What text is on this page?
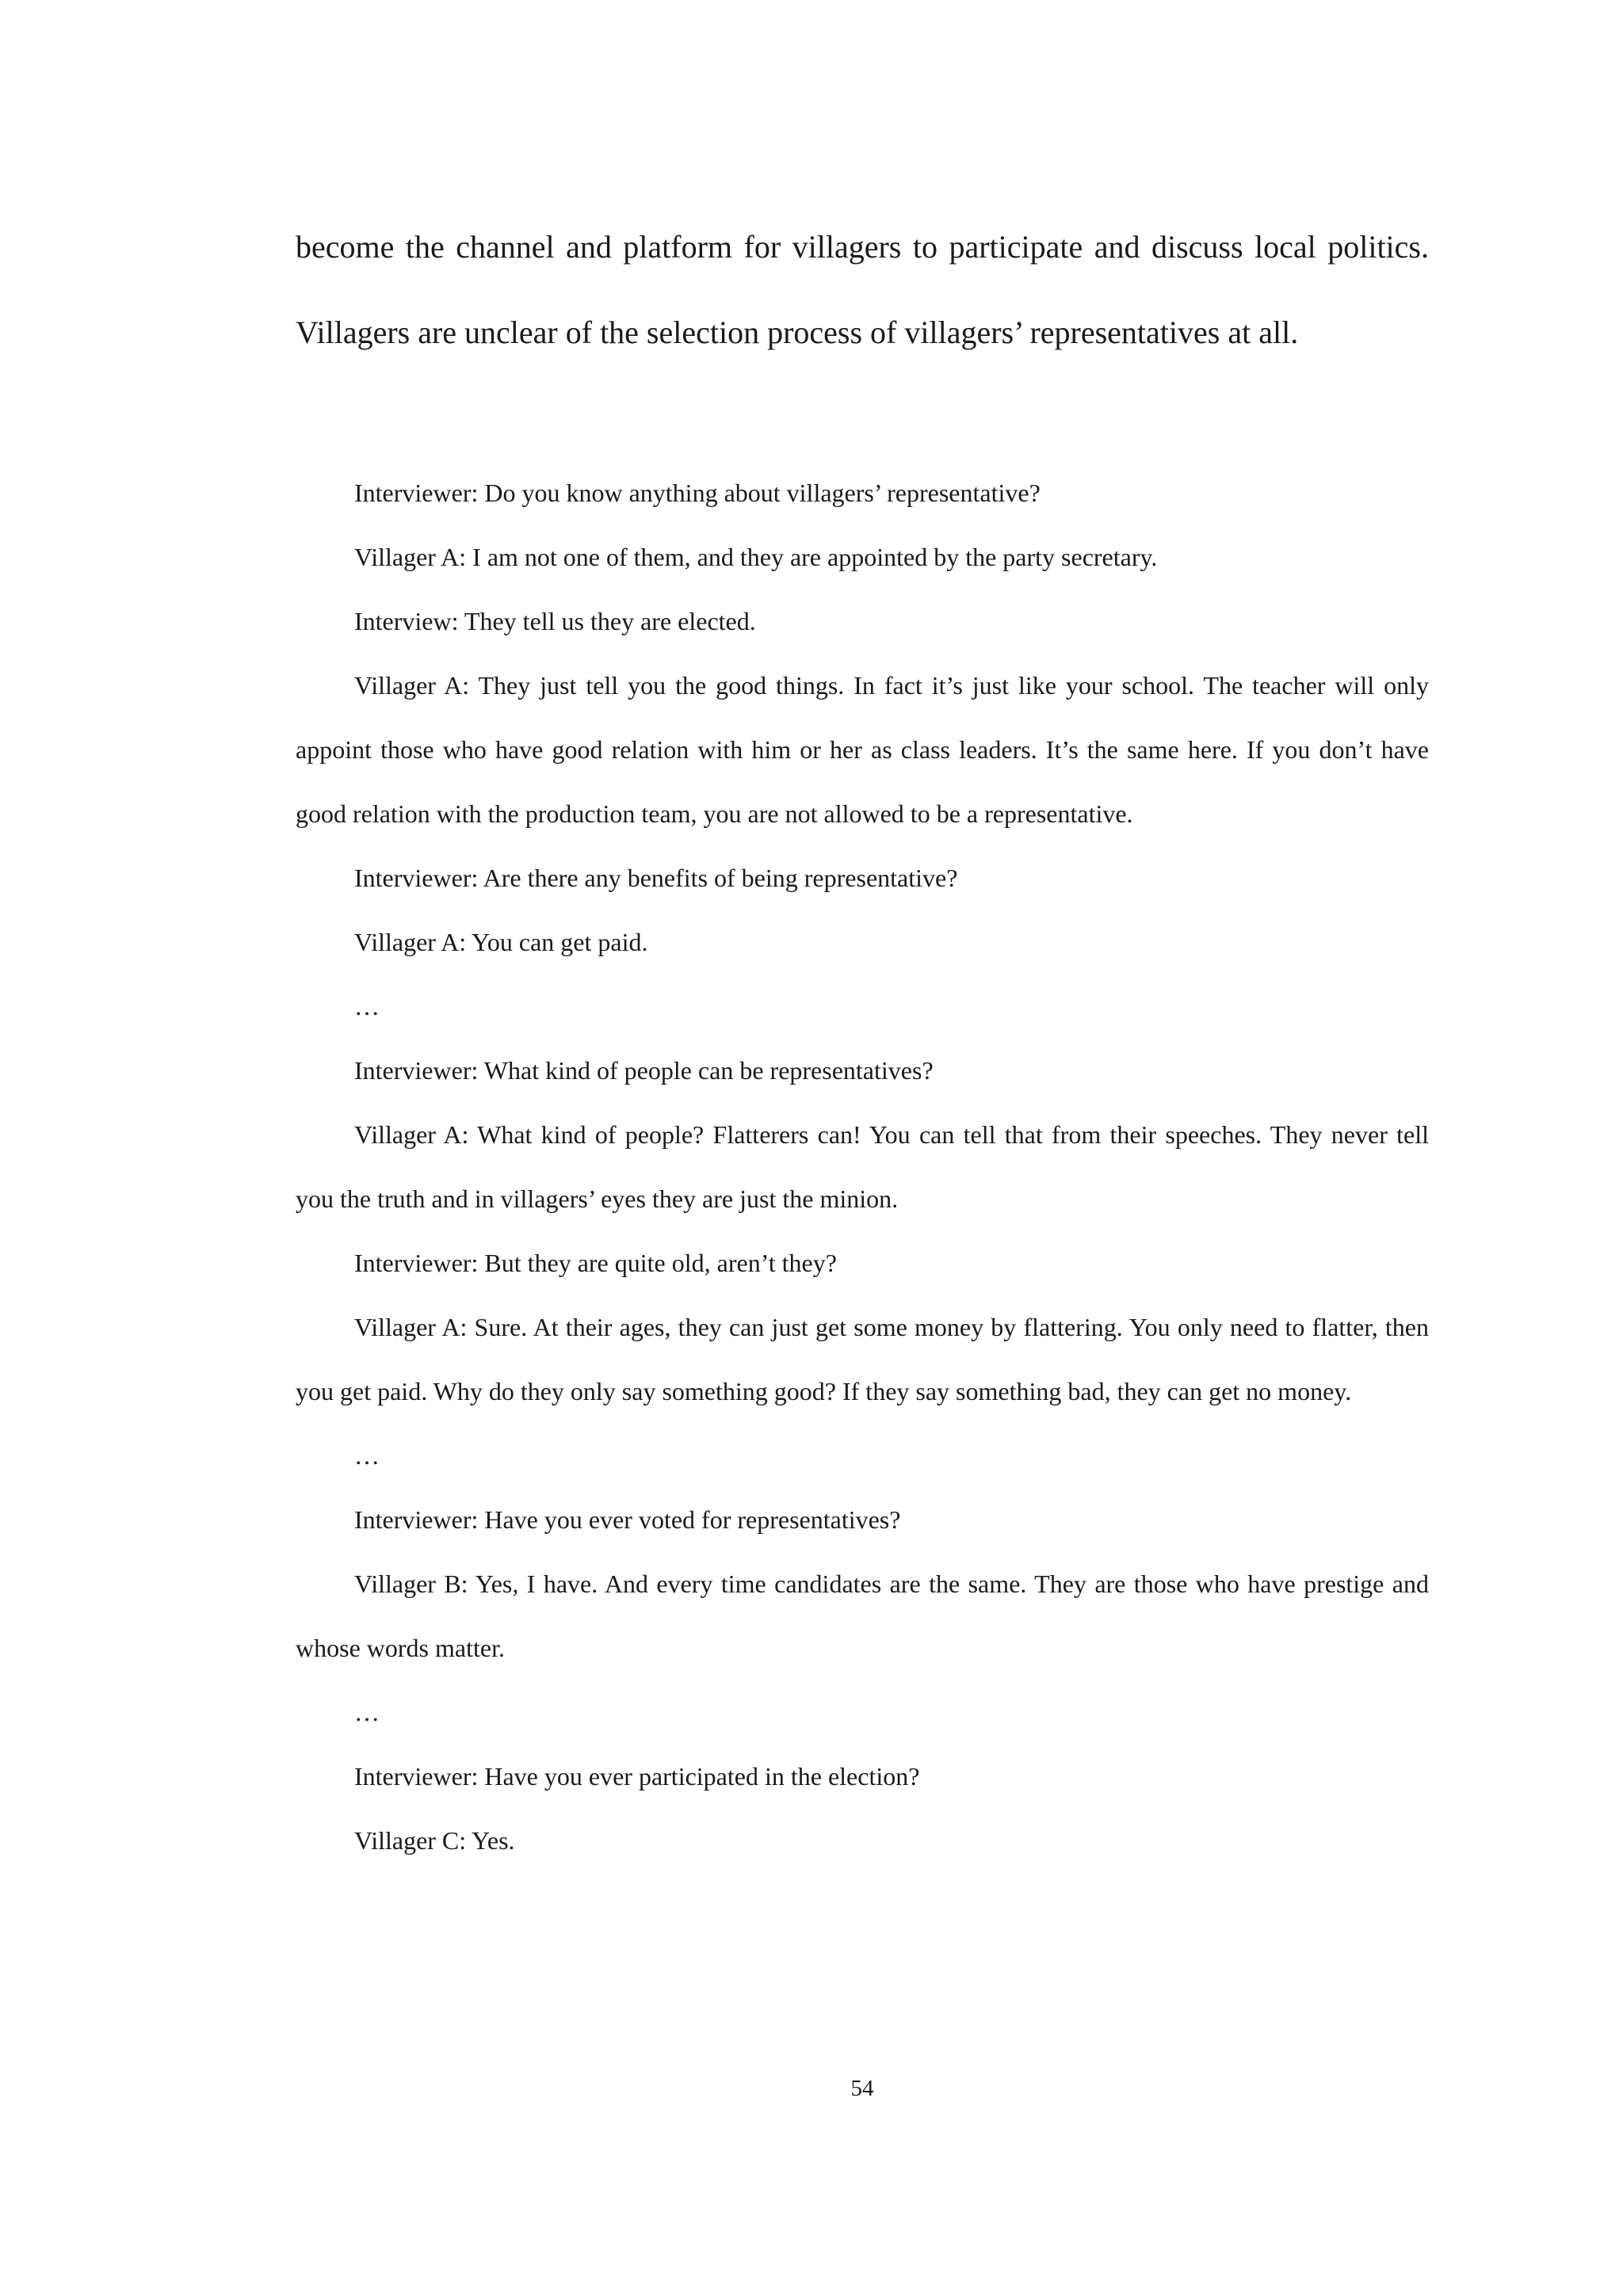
become the channel and platform for villagers to participate and discuss local politics. Villagers are unclear of the selection process of villagers’ representatives at all.

Interviewer: Do you know anything about villagers’ representative?

Villager A: I am not one of them, and they are appointed by the party secretary.

Interview: They tell us they are elected.

Villager A: They just tell you the good things. In fact it’s just like your school. The teacher will only appoint those who have good relation with him or her as class leaders. It’s the same here. If you don’t have good relation with the production team, you are not allowed to be a representative.

Interviewer: Are there any benefits of being representative?

Villager A: You can get paid.

…

Interviewer: What kind of people can be representatives?

Villager A: What kind of people? Flatterers can! You can tell that from their speeches. They never tell you the truth and in villagers’ eyes they are just the minion.

Interviewer: But they are quite old, aren’t they?

Villager A: Sure. At their ages, they can just get some money by flattering. You only need to flatter, then you get paid. Why do they only say something good? If they say something bad, they can get no money.

…

Interviewer: Have you ever voted for representatives?

Villager B: Yes, I have. And every time candidates are the same. They are those who have prestige and whose words matter.

…

Interviewer: Have you ever participated in the election?

Villager C: Yes.

54
